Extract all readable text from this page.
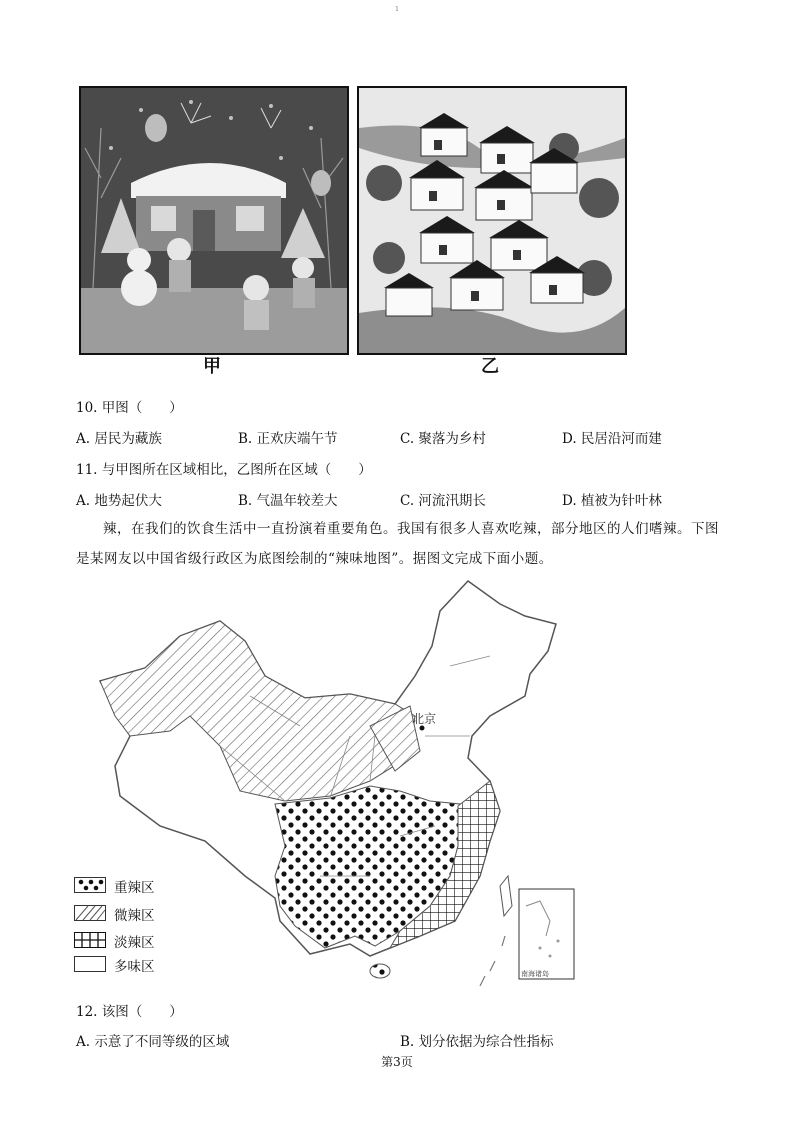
1
甲	乙
10. 甲图（　　）
A. 居民为藏族	B. 正欢庆端午节	C. 聚落为乡村	D. 民居沿河而建
11. 与甲图所在区域相比，乙图所在区域（　　）
A. 地势起伏大	B. 气温年较差大	C. 河流汛期长	D. 植被为针叶林
辣，在我们的饮食生活中一直扮演着重要角色。我国有很多人喜欢吃辣，部分地区的人们嗜辣。下图是某网友以中国省级行政区为底图绘制的“辣味地图”。据图文完成下面小题。
北京
南海诸岛
重辣区
微辣区
淡辣区
多味区
12. 该图（　　）
A. 示意了不同等级的区域	B. 划分依据为综合性指标
第3页
